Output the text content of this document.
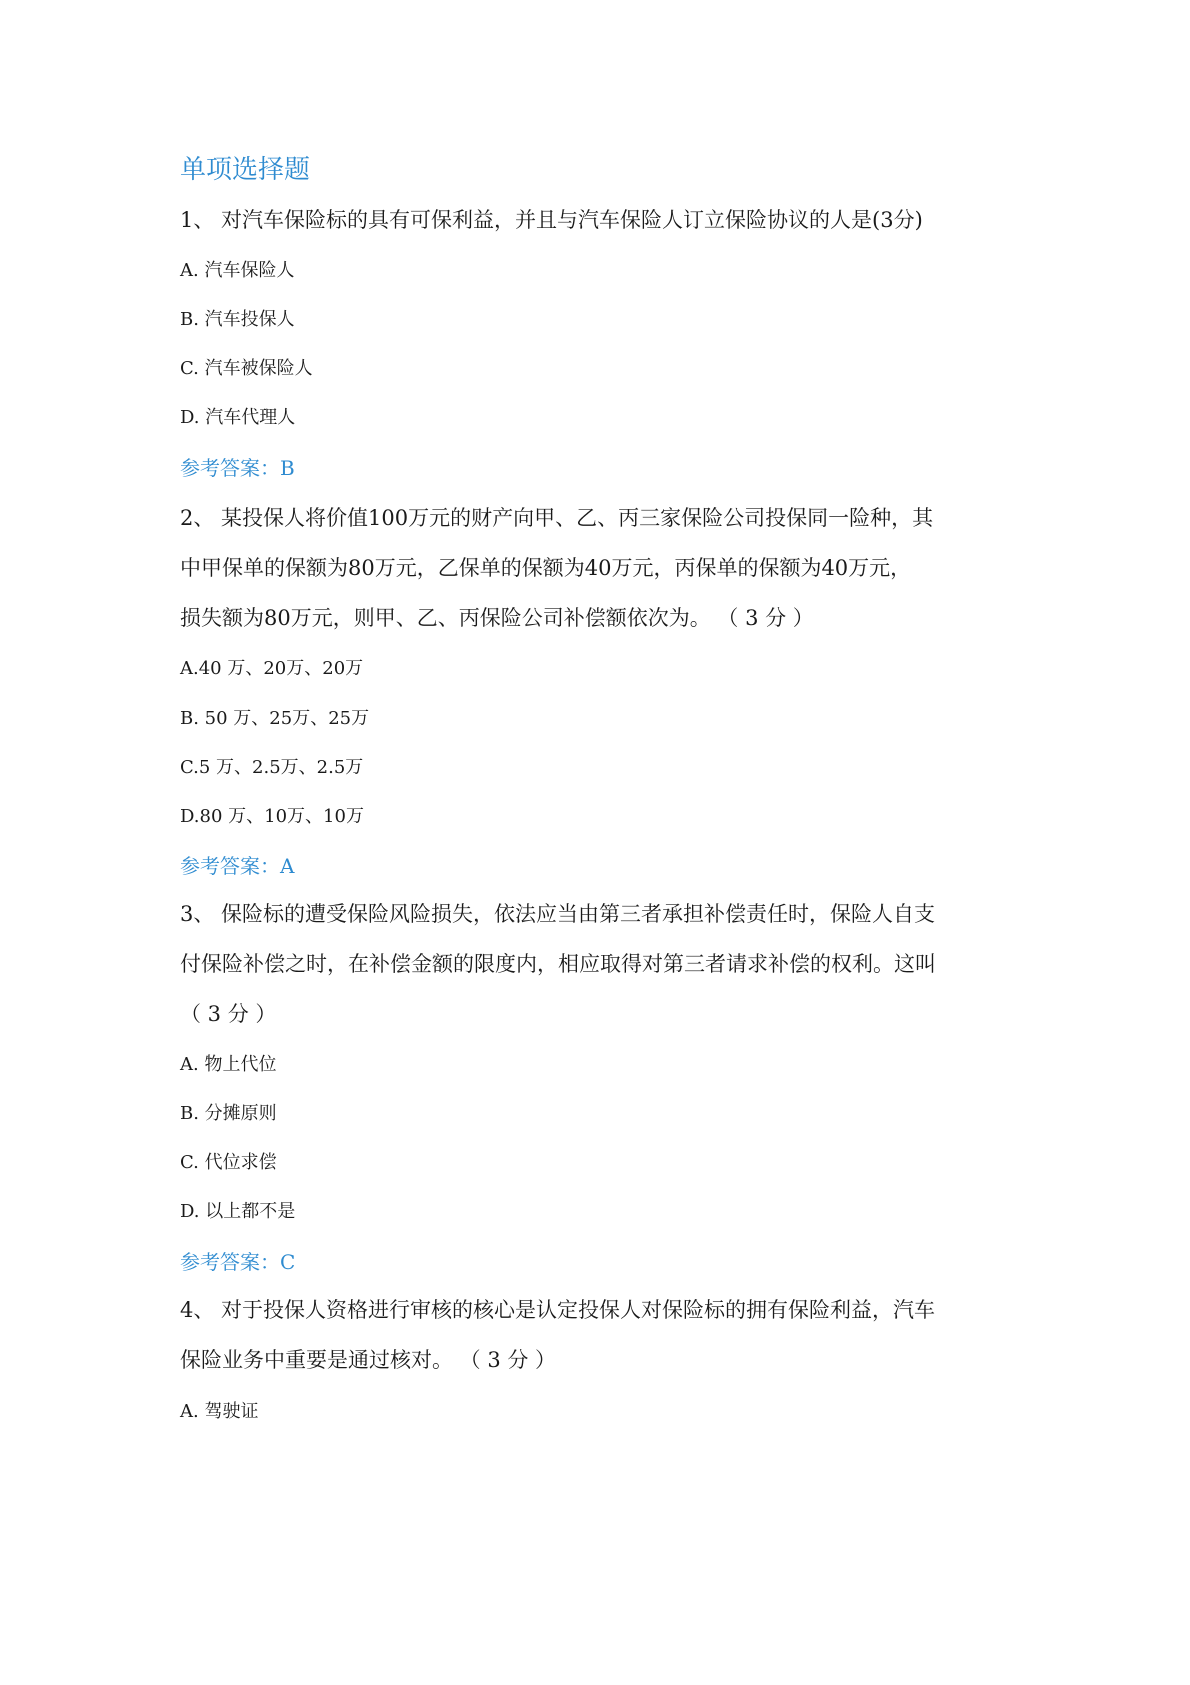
单项选择题
1、 对汽车保险标的具有可保利益，并且与汽车保险人订立保险协议的人是(3分)
A. 汽车保险人
B. 汽车投保人
C. 汽车被保险人
D. 汽车代理人
参考答案：B
2、 某投保人将价值100万元的财产向甲、乙、丙三家保险公司投保同一险种，其
中甲保单的保额为80万元，乙保单的保额为40万元，丙保单的保额为40万元，
损失额为80万元，则甲、乙、丙保险公司补偿额依次为。 （ 3 分 ）
A.40 万、20万、20万
B. 50 万、25万、25万
C.5 万、2.5万、2.5万
D.80 万、10万、10万
参考答案：A
3、 保险标的遭受保险风险损失，依法应当由第三者承担补偿责任时，保险人自支
付保险补偿之时，在补偿金额的限度内，相应取得对第三者请求补偿的权利。这叫
（ 3 分 ）
A. 物上代位
B. 分摊原则
C. 代位求偿
D. 以上都不是
参考答案：C
4、 对于投保人资格进行审核的核心是认定投保人对保险标的拥有保险利益，汽车
保险业务中重要是通过核对。 （ 3 分 ）
A. 驾驶证
